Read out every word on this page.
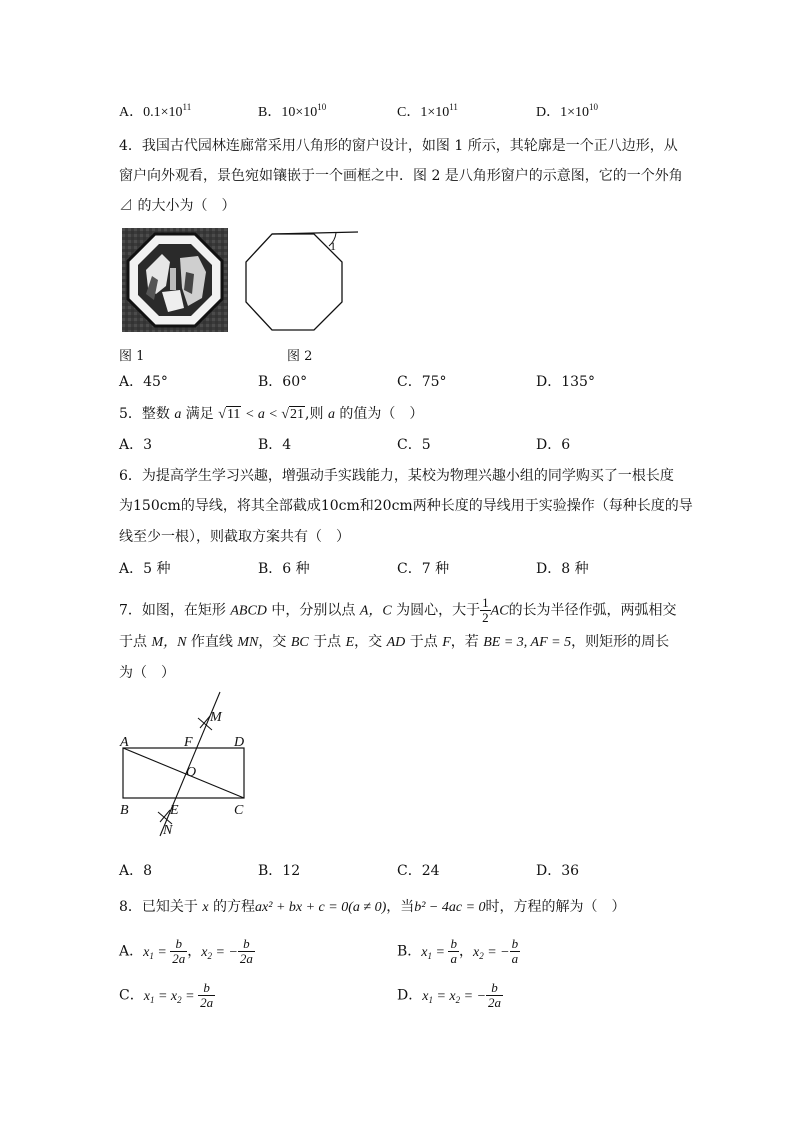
A．$0.1\times 10^{11}$	B．$10\times 10^{10}$	C．$1\times 10^{11}$	D．$1\times 10^{10}$
4．我国古代园林连廊常采用八角形的窗户设计，如图 1 所示，其轮廓是一个正八边形，从
窗户向外观看，景色宛如镶嵌于一个画框之中．图 2 是八角形窗户的示意图，它的一个外角
⊿ 的大小为（　）
1
图 1	图 2
A．45°	B．60°	C．75°	D．135°
5．整数 a 满足 √11 < a < √21,则 a 的值为（　）
A．3	B．4	C．5	D．6
6．为提高学生学习兴趣，增强动手实践能力，某校为物理兴趣小组的同学购买了一根长度
为150cm的导线，将其全部截成10cm和20cm两种长度的导线用于实验操作（每种长度的导
线至少一根），则截取方案共有（　）
A．5 种	B．6 种	C．7 种	D．8 种
7．如图，在矩形 ABCD 中，分别以点 A，C 为圆心，大于 $\frac{1}{2}$ AC的长为半径作弧，两弧相交
于点 M，N 作直线 MN，交 BC 于点 E，交 AD 于点 F，若 BE = 3, AF = 5，则矩形的周长
为（　）
A	F	D
M
O
B	E	C
N
A．8	B．12	C．24	D．36
8．已知关于 x 的方程ax² + bx + c = 0(a ≠ 0)，当b² − 4ac = 0时，方程的解为（　）
A．$x_1 = \frac{b}{2a}$ ，$x_2$ = − $\frac{b}{2a}$	B．$x_1 = \frac{b}{a}$ ，$x_2$ = − $\frac{b}{a}$
C．$x_1 = x_2 = \frac{b}{2a}$	D．$x_1 = x_2$ = − $\frac{b}{2a}$
